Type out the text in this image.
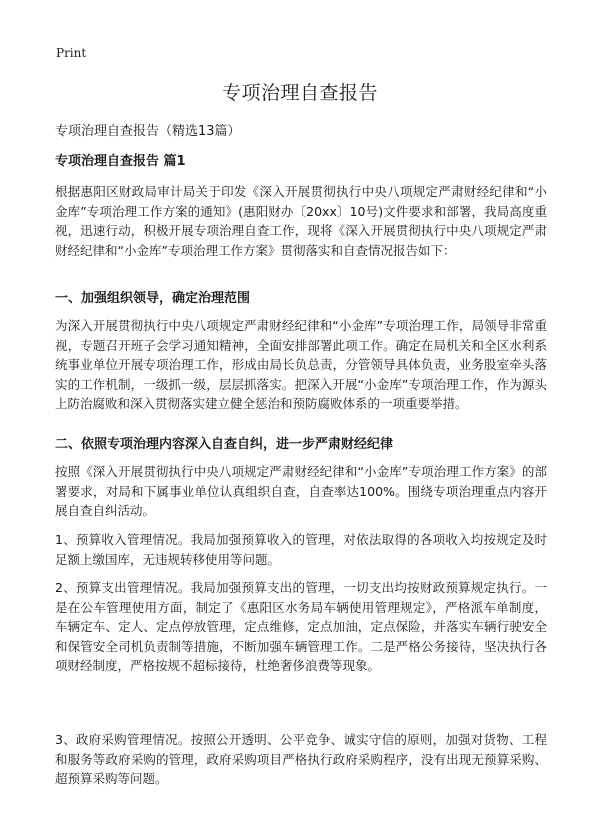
Print
专项治理自查报告

专项治理自查报告（精选13篇）

专项治理自查报告 篇1

根据惠阳区财政局审计局关于印发《深入开展贯彻执行中央八项规定严肃财经纪律和“小金库”专项治理工作方案的通知》(惠阳财办〔20xx〕10号)文件要求和部署，我局高度重视，迅速行动，积极开展专项治理自查工作，现将《深入开展贯彻执行中央八项规定严肃财经纪律和“小金库”专项治理工作方案》贯彻落实和自查情况报告如下：

一、加强组织领导，确定治理范围

为深入开展贯彻执行中央八项规定严肃财经纪律和“小金库”专项治理工作，局领导非常重视，专题召开班子会学习通知精神，全面安排部署此项工作。确定在局机关和全区水利系统事业单位开展专项治理工作，形成由局长负总责，分管领导具体负责，业务股室牵头落实的工作机制，一级抓一级，层层抓落实。把深入开展“小金库”专项治理工作，作为源头上防治腐败和深入贯彻落实建立健全惩治和预防腐败体系的一项重要举措。

二、依照专项治理内容深入自查自纠，进一步严肃财经纪律

按照《深入开展贯彻执行中央八项规定严肃财经纪律和“小金库”专项治理工作方案》的部署要求，对局和下属事业单位认真组织自查，自查率达100%。围绕专项治理重点内容开展自查自纠活动。

1、预算收入管理情况。我局加强预算收入的管理，对依法取得的各项收入均按规定及时足额上缴国库，无违规转移使用等问题。

2、预算支出管理情况。我局加强预算支出的管理，一切支出均按财政预算规定执行。一是在公车管理使用方面，制定了《惠阳区水务局车辆使用管理规定》，严格派车单制度，车辆定车、定人、定点停放管理，定点维修，定点加油，定点保险，并落实车辆行驶安全和保管安全司机负责制等措施，不断加强车辆管理工作。二是严格公务接待，坚决执行各项财经制度，严格按规不超标接待，杜绝奢侈浪费等现象。

3、政府采购管理情况。按照公开透明、公平竞争、诚实守信的原则，加强对货物、工程和服务等政府采购的管理，政府采购项目严格执行政府采购程序，没有出现无预算采购、超预算采购等问题。
